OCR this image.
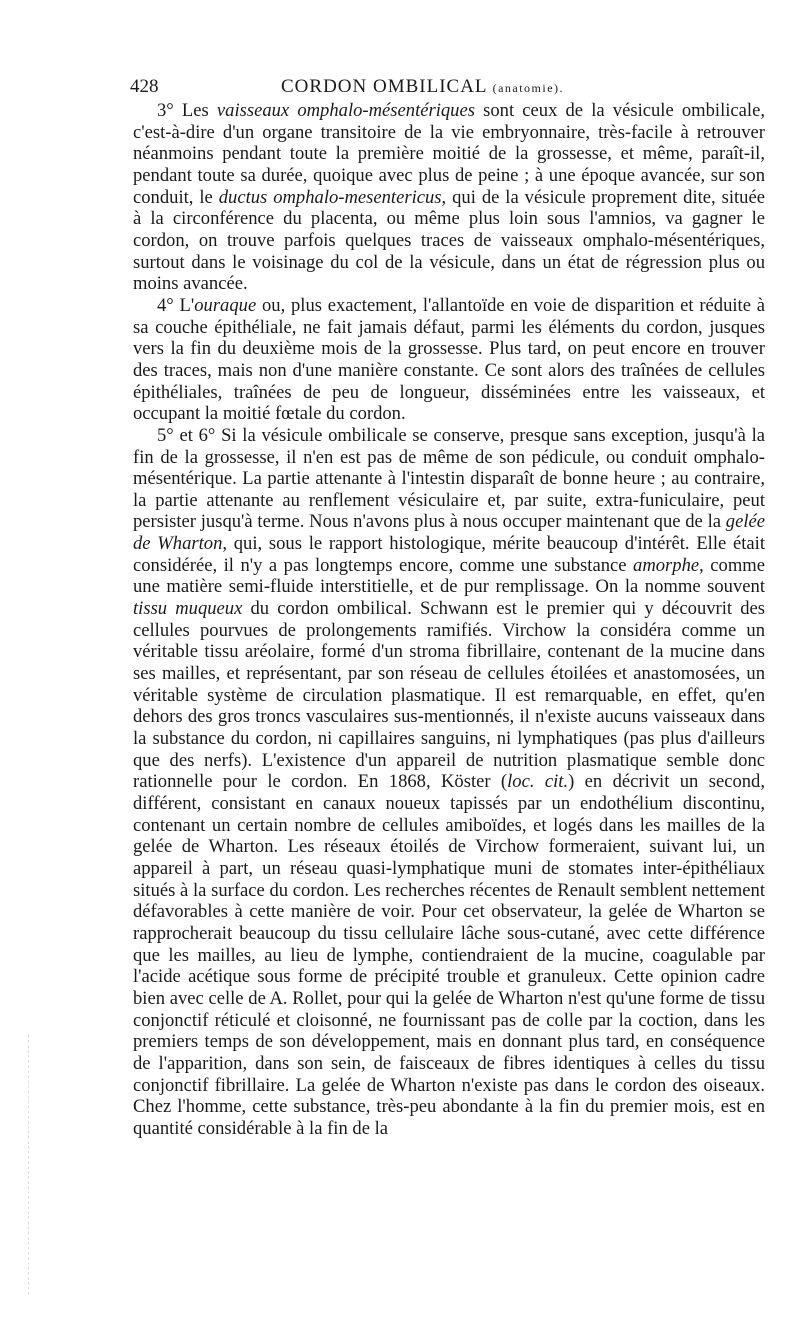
428	CORDON OMBILICAL (anatomie).

3° Les vaisseaux omphalo-mésentériques sont ceux de la vésicule ombilicale, c'est-à-dire d'un organe transitoire de la vie embryonnaire, très-facile à retrouver néanmoins pendant toute la première moitié de la grossesse, et même, paraît-il, pendant toute sa durée, quoique avec plus de peine ; à une époque avancée, sur son conduit, le ductus omphalo-mesentericus, qui de la vésicule proprement dite, située à la circonférence du placenta, ou même plus loin sous l'amnios, va gagner le cordon, on trouve parfois quelques traces de vaisseaux omphalo-mésentériques, surtout dans le voisinage du col de la vésicule, dans un état de régression plus ou moins avancée.

4° L'ouraque ou, plus exactement, l'allantoïde en voie de disparition et réduite à sa couche épithéliale, ne fait jamais défaut, parmi les éléments du cordon, jusques vers la fin du deuxième mois de la grossesse. Plus tard, on peut encore en trouver des traces, mais non d'une manière constante. Ce sont alors des traînées de cellules épithéliales, traînées de peu de longueur, disséminées entre les vaisseaux, et occupant la moitié fœtale du cordon.

5° et 6° Si la vésicule ombilicale se conserve, presque sans exception, jusqu'à la fin de la grossesse, il n'en est pas de même de son pédicule, ou conduit omphalo-mésentérique. La partie attenante à l'intestin disparaît de bonne heure ; au contraire, la partie attenante au renflement vésiculaire et, par suite, extra-funiculaire, peut persister jusqu'à terme. Nous n'avons plus à nous occuper maintenant que de la gelée de Wharton, qui, sous le rapport histologique, mérite beaucoup d'intérêt. Elle était considérée, il n'y a pas longtemps encore, comme une substance amorphe, comme une matière semi-fluide interstitielle, et de pur remplissage. On la nomme souvent tissu muqueux du cordon ombilical. Schwann est le premier qui y découvrit des cellules pourvues de prolongements ramifiés. Virchow la considéra comme un véritable tissu aréolaire, formé d'un stroma fibrillaire, contenant de la mucine dans ses mailles, et représentant, par son réseau de cellules étoilées et anastomosées, un véritable système de circulation plasmatique. Il est remarquable, en effet, qu'en dehors des gros troncs vasculaires sus-mentionnés, il n'existe aucuns vaisseaux dans la substance du cordon, ni capillaires sanguins, ni lymphatiques (pas plus d'ailleurs que des nerfs). L'existence d'un appareil de nutrition plasmatique semble donc rationnelle pour le cordon. En 1868, Köster (loc. cit.) en décrivit un second, différent, consistant en canaux noueux tapissés par un endothélium discontinu, contenant un certain nombre de cellules amiboïdes, et logés dans les mailles de la gelée de Wharton. Les réseaux étoilés de Virchow formeraient, suivant lui, un appareil à part, un réseau quasi-lymphatique muni de stomates inter-épithéliaux situés à la surface du cordon. Les recherches récentes de Renault semblent nettement défavorables à cette manière de voir. Pour cet observateur, la gelée de Wharton se rapprocherait beaucoup du tissu cellulaire lâche sous-cutané, avec cette différence que les mailles, au lieu de lymphe, contiendraient de la mucine, coagulable par l'acide acétique sous forme de précipité trouble et granuleux. Cette opinion cadre bien avec celle de A. Rollet, pour qui la gelée de Wharton n'est qu'une forme de tissu conjonctif réticulé et cloisonné, ne fournissant pas de colle par la coction, dans les premiers temps de son développement, mais en donnant plus tard, en conséquence de l'apparition, dans son sein, de faisceaux de fibres identiques à celles du tissu conjonctif fibrillaire. La gelée de Wharton n'existe pas dans le cordon des oiseaux. Chez l'homme, cette substance, très-peu abondante à la fin du premier mois, est en quantité considérable à la fin de la
